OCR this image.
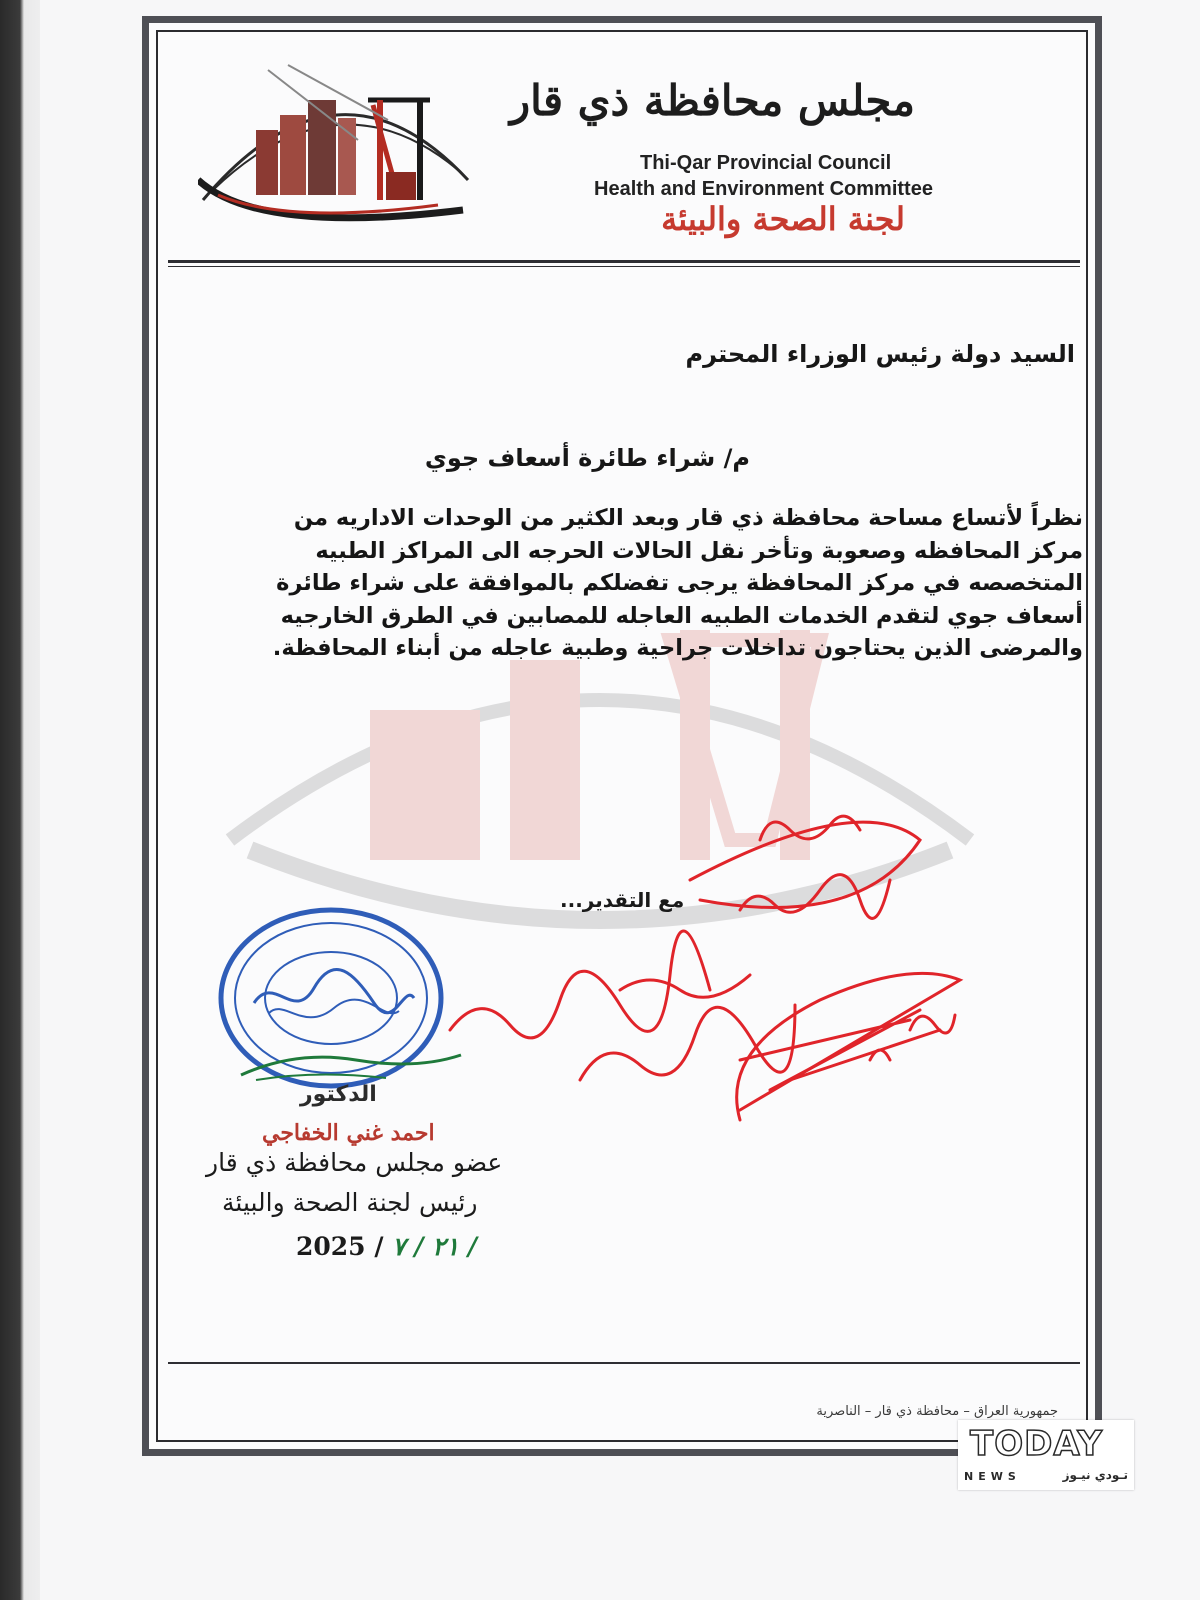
مجلس محافظة ذي قار
Thi-Qar Provincial Council
Health and Environment Committee
لجنة الصحة والبيئة
السيد دولة رئيس الوزراء المحترم
م/ شراء طائرة أسعاف جوي
نظراً لأتساع مساحة محافظة ذي قار وبعد الكثير من الوحدات الاداريه من
مركز المحافظه وصعوبة وتأخر نقل الحالات الحرجه الى المراكز الطبيه
المتخصصه في مركز المحافظة يرجى تفضلكم بالموافقة على شراء طائرة
أسعاف جوي لتقدم الخدمات الطبيه العاجله للمصابين في الطرق الخارجيه
والمرضى الذين يحتاجون تداخلات جراحية وطبية عاجله من أبناء المحافظة.
مع التقدير...
الدكتور
احمد غني الخفاجي
عضو مجلس محافظة ذي قار
رئيس لجنة الصحة والبيئة
2025 / ٢١ / ٧ /
جمهورية العراق – محافظة ذي قار – الناصرية
TODAY
NEWS	تـودي نيـوز
